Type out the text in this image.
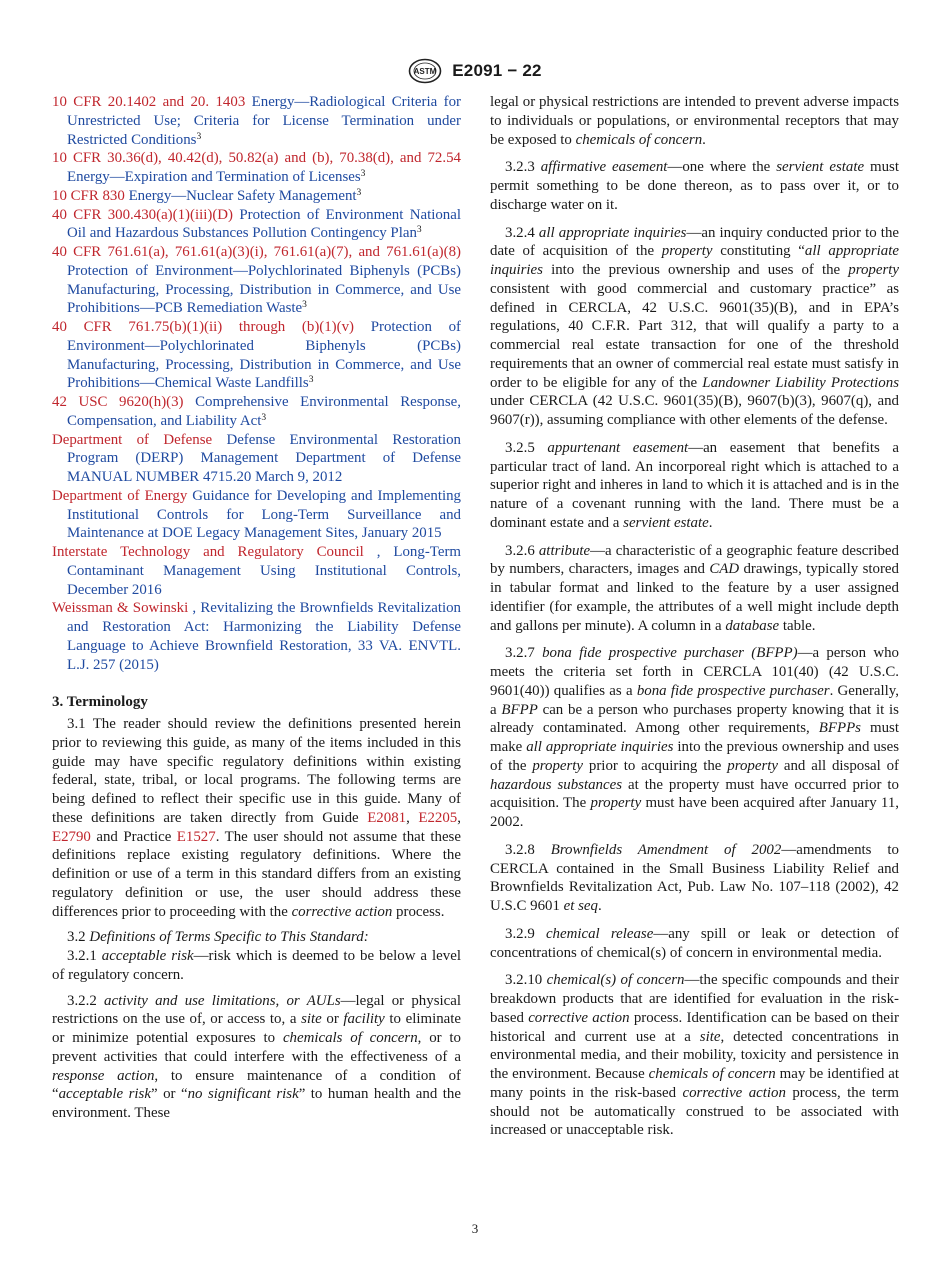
ASTM E2091 − 22

10 CFR 20.1402 and 20. 1403 Energy—Radiological Criteria for Unrestricted Use; Criteria for License Termination under Restricted Conditions$^3$

10 CFR 30.36(d), 40.42(d), 50.82(a) and (b), 70.38(d), and 72.54 Energy—Expiration and Termination of Licenses$^3$

10 CFR 830 Energy—Nuclear Safety Management$^3$

40 CFR 300.430(a)(1)(iii)(D) Protection of Environment National Oil and Hazardous Substances Pollution Contingency Plan$^3$

40 CFR 761.61(a), 761.61(a)(3)(i), 761.61(a)(7), and 761.61(a)(8) Protection of Environment—Polychlorinated Biphenyls (PCBs) Manufacturing, Processing, Distribution in Commerce, and Use Prohibitions—PCB Remediation Waste$^3$

40 CFR 761.75(b)(1)(ii) through (b)(1)(v) Protection of Environment—Polychlorinated Biphenyls (PCBs) Manufacturing, Processing, Distribution in Commerce, and Use Prohibitions—Chemical Waste Landfills$^3$

42 USC 9620(h)(3) Comprehensive Environmental Response, Compensation, and Liability Act$^3$

Department of Defense Defense Environmental Restoration Program (DERP) Management Department of Defense MANUAL NUMBER 4715.20 March 9, 2012

Department of Energy Guidance for Developing and Implementing Institutional Controls for Long-Term Surveillance and Maintenance at DOE Legacy Management Sites, January 2015

Interstate Technology and Regulatory Council , Long-Term Contaminant Management Using Institutional Controls, December 2016

Weissman & Sowinski , Revitalizing the Brownfields Revitalization and Restoration Act: Harmonizing the Liability Defense Language to Achieve Brownfield Restoration, 33 VA. ENVTL. L.J. 257 (2015)

3. Terminology

3.1 The reader should review the definitions presented herein prior to reviewing this guide, as many of the items included in this guide may have specific regulatory definitions within existing federal, state, tribal, or local programs. The following terms are being defined to reflect their specific use in this guide. Many of these definitions are taken directly from Guide E2081, E2205, E2790 and Practice E1527. The user should not assume that these definitions replace existing regulatory definitions. Where the definition or use of a term in this standard differs from an existing regulatory definition or use, the user should address these differences prior to proceeding with the corrective action process.

3.2 Definitions of Terms Specific to This Standard:

3.2.1 acceptable risk—risk which is deemed to be below a level of regulatory concern.

3.2.2 activity and use limitations, or AULs—legal or physical restrictions on the use of, or access to, a site or facility to eliminate or minimize potential exposures to chemicals of concern, or to prevent activities that could interfere with the effectiveness of a response action, to ensure maintenance of a condition of “acceptable risk” or “no significant risk” to human health and the environment. These

legal or physical restrictions are intended to prevent adverse impacts to individuals or populations, or environmental receptors that may be exposed to chemicals of concern.

3.2.3 affirmative easement—one where the servient estate must permit something to be done thereon, as to pass over it, or to discharge water on it.

3.2.4 all appropriate inquiries—an inquiry conducted prior to the date of acquisition of the property constituting “all appropriate inquiries into the previous ownership and uses of the property consistent with good commercial and customary practice” as defined in CERCLA, 42 U.S.C. 9601(35)(B), and in EPA’s regulations, 40 C.F.R. Part 312, that will qualify a party to a commercial real estate transaction for one of the threshold requirements that an owner of commercial real estate must satisfy in order to be eligible for any of the Landowner Liability Protections under CERCLA (42 U.S.C. 9601(35)(B), 9607(b)(3), 9607(q), and 9607(r)), assuming compliance with other elements of the defense.

3.2.5 appurtenant easement—an easement that benefits a particular tract of land. An incorporeal right which is attached to a superior right and inheres in land to which it is attached and is in the nature of a covenant running with the land. There must be a dominant estate and a servient estate.

3.2.6 attribute—a characteristic of a geographic feature described by numbers, characters, images and CAD drawings, typically stored in tabular format and linked to the feature by a user assigned identifier (for example, the attributes of a well might include depth and gallons per minute). A column in a database table.

3.2.7 bona fide prospective purchaser (BFPP)—a person who meets the criteria set forth in CERCLA 101(40) (42 U.S.C. 9601(40)) qualifies as a bona fide prospective purchaser. Generally, a BFPP can be a person who purchases property knowing that it is already contaminated. Among other requirements, BFPPs must make all appropriate inquiries into the previous ownership and uses of the property prior to acquiring the property and all disposal of hazardous substances at the property must have occurred prior to acquisition. The property must have been acquired after January 11, 2002.

3.2.8 Brownfields Amendment of 2002—amendments to CERCLA contained in the Small Business Liability Relief and Brownfields Revitalization Act, Pub. Law No. 107–118 (2002), 42 U.S.C 9601 et seq.

3.2.9 chemical release—any spill or leak or detection of concentrations of chemical(s) of concern in environmental media.

3.2.10 chemical(s) of concern—the specific compounds and their breakdown products that are identified for evaluation in the risk-based corrective action process. Identification can be based on their historical and current use at a site, detected concentrations in environmental media, and their mobility, toxicity and persistence in the environment. Because chemicals of concern may be identified at many points in the risk-based corrective action process, the term should not be automatically construed to be associated with increased or unacceptable risk.

3
